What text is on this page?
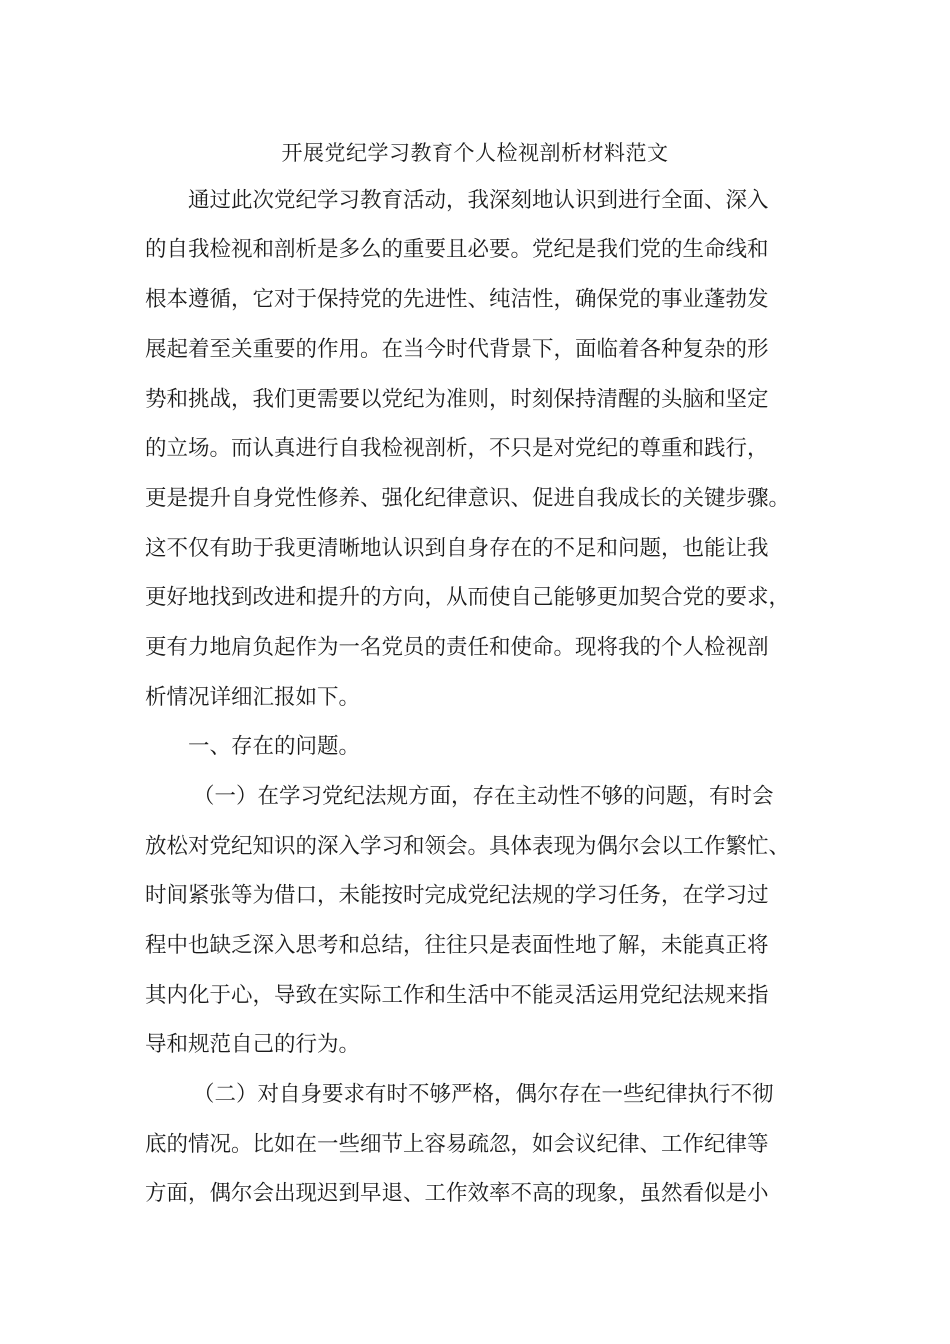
开展党纪学习教育个人检视剖析材料范文
通过此次党纪学习教育活动，我深刻地认识到进行全面、深入
的自我检视和剖析是多么的重要且必要。党纪是我们党的生命线和
根本遵循，它对于保持党的先进性、纯洁性，确保党的事业蓬勃发
展起着至关重要的作用。在当今时代背景下，面临着各种复杂的形
势和挑战，我们更需要以党纪为准则，时刻保持清醒的头脑和坚定
的立场。而认真进行自我检视剖析，不只是对党纪的尊重和践行，
更是提升自身党性修养、强化纪律意识、促进自我成长的关键步骤。
这不仅有助于我更清晰地认识到自身存在的不足和问题，也能让我
更好地找到改进和提升的方向，从而使自己能够更加契合党的要求，
更有力地肩负起作为一名党员的责任和使命。现将我的个人检视剖
析情况详细汇报如下。
一、存在的问题。
（一）在学习党纪法规方面，存在主动性不够的问题，有时会
放松对党纪知识的深入学习和领会。具体表现为偶尔会以工作繁忙、
时间紧张等为借口，未能按时完成党纪法规的学习任务，在学习过
程中也缺乏深入思考和总结，往往只是表面性地了解，未能真正将
其内化于心，导致在实际工作和生活中不能灵活运用党纪法规来指
导和规范自己的行为。
（二）对自身要求有时不够严格，偶尔存在一些纪律执行不彻
底的情况。比如在一些细节上容易疏忽，如会议纪律、工作纪律等
方面，偶尔会出现迟到早退、工作效率不高的现象，虽然看似是小
